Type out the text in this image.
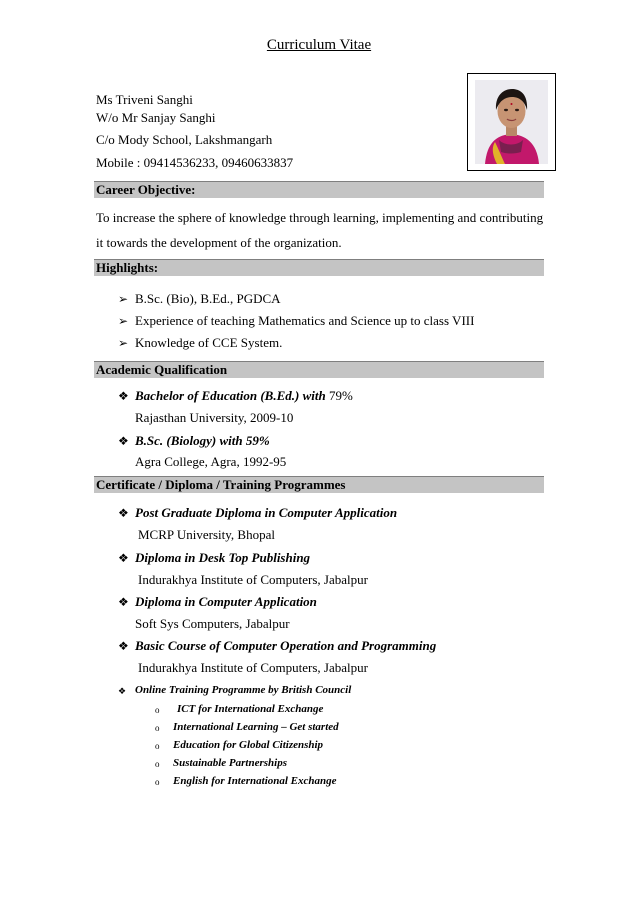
Curriculum Vitae
Ms Triveni Sanghi
W/o Mr Sanjay Sanghi
C/o Mody School, Lakshmangarh
Mobile : 09414536233, 09460633837
Career Objective:
To increase the sphere of knowledge through learning, implementing and contributing it towards the development of the organization.
Highlights:
➢ B.Sc. (Bio), B.Ed., PGDCA
➢ Experience of teaching Mathematics and Science up to class VIII
➢ Knowledge of CCE System.
Academic Qualification
❖ Bachelor of Education (B.Ed.) with 79%
Rajasthan University, 2009-10
❖ B.Sc. (Biology) with 59%
Agra College, Agra, 1992-95
Certificate / Diploma / Training Programmes
❖ Post Graduate Diploma in Computer Application
MCRP University, Bhopal
❖ Diploma in Desk Top Publishing
Indurakhya Institute of Computers, Jabalpur
❖ Diploma in Computer Application
Soft Sys Computers, Jabalpur
❖ Basic Course of Computer Operation and Programming
Indurakhya Institute of Computers, Jabalpur
❖ Online Training Programme by British Council
o ICT for International Exchange
o International Learning – Get started
o Education for Global Citizenship
o Sustainable Partnerships
o English for International Exchange
